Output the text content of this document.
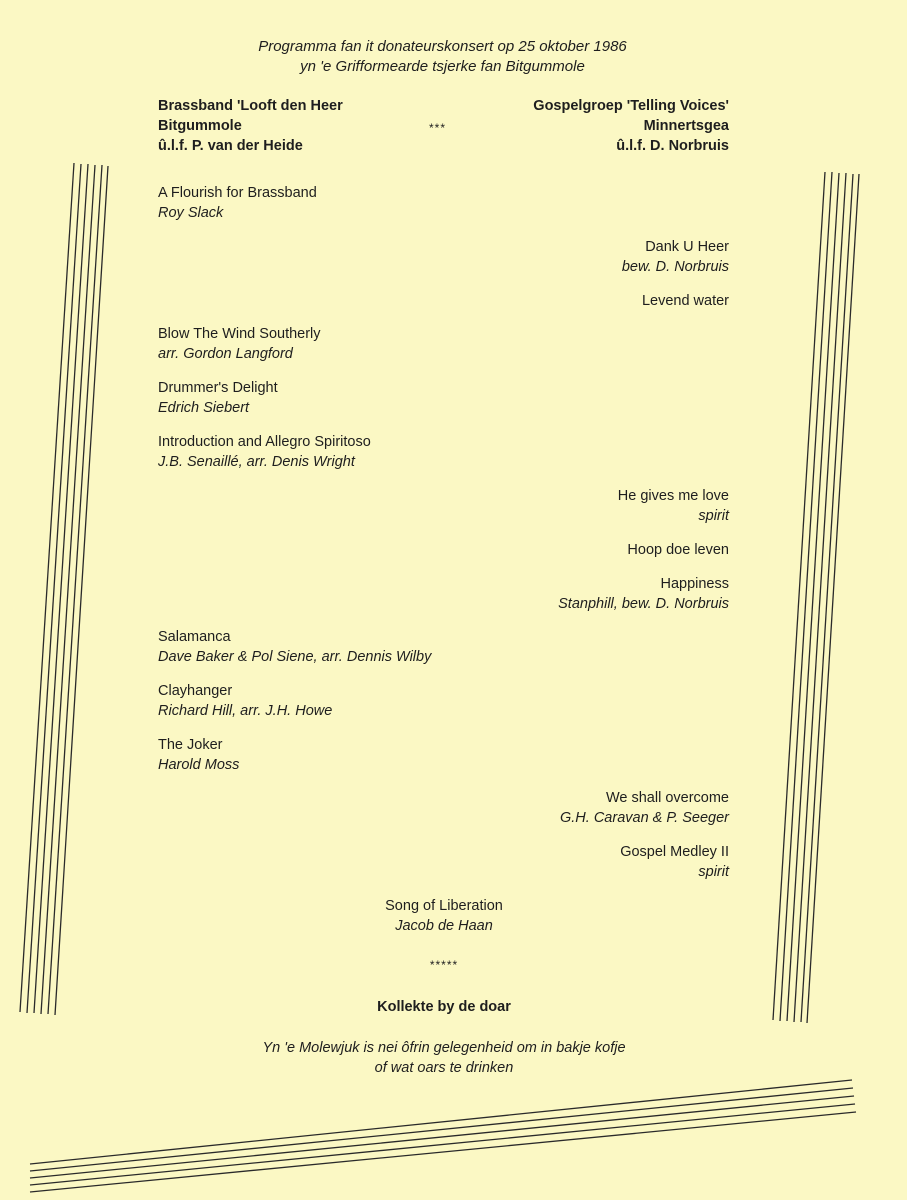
Programma fan it donateurskonsert op 25 oktober 1986
yn 'e Grifformearde tsjerke fan Bitgummole
Brassband 'Looft den Heer
Bitgummole
û.l.f. P. van der Heide
***
Gospelgroep 'Telling Voices'
Minnertsgea
û.l.f. D. Norbruis
A Flourish for Brassband
Roy Slack
Dank U Heer
bew. D. Norbruis
Levend water
Blow The Wind Southerly
arr. Gordon Langford
Drummer's Delight
Edrich Siebert
Introduction and Allegro Spiritoso
J.B. Senaillé, arr. Denis Wright
He gives me love
spirit
Hoop doe leven
Happiness
Stanphill, bew. D. Norbruis
Salamanca
Dave Baker & Pol Siene, arr. Dennis Wilby
Clayhanger
Richard Hill, arr. J.H. Howe
The Joker
Harold Moss
We shall overcome
G.H. Caravan & P. Seeger
Gospel Medley II
spirit
Song of Liberation
Jacob de Haan
*****
Kollekte by de doar
Yn 'e Molewjuk is nei ôfrin gelegenheid om in bakje kofje
of wat oars te drinken
